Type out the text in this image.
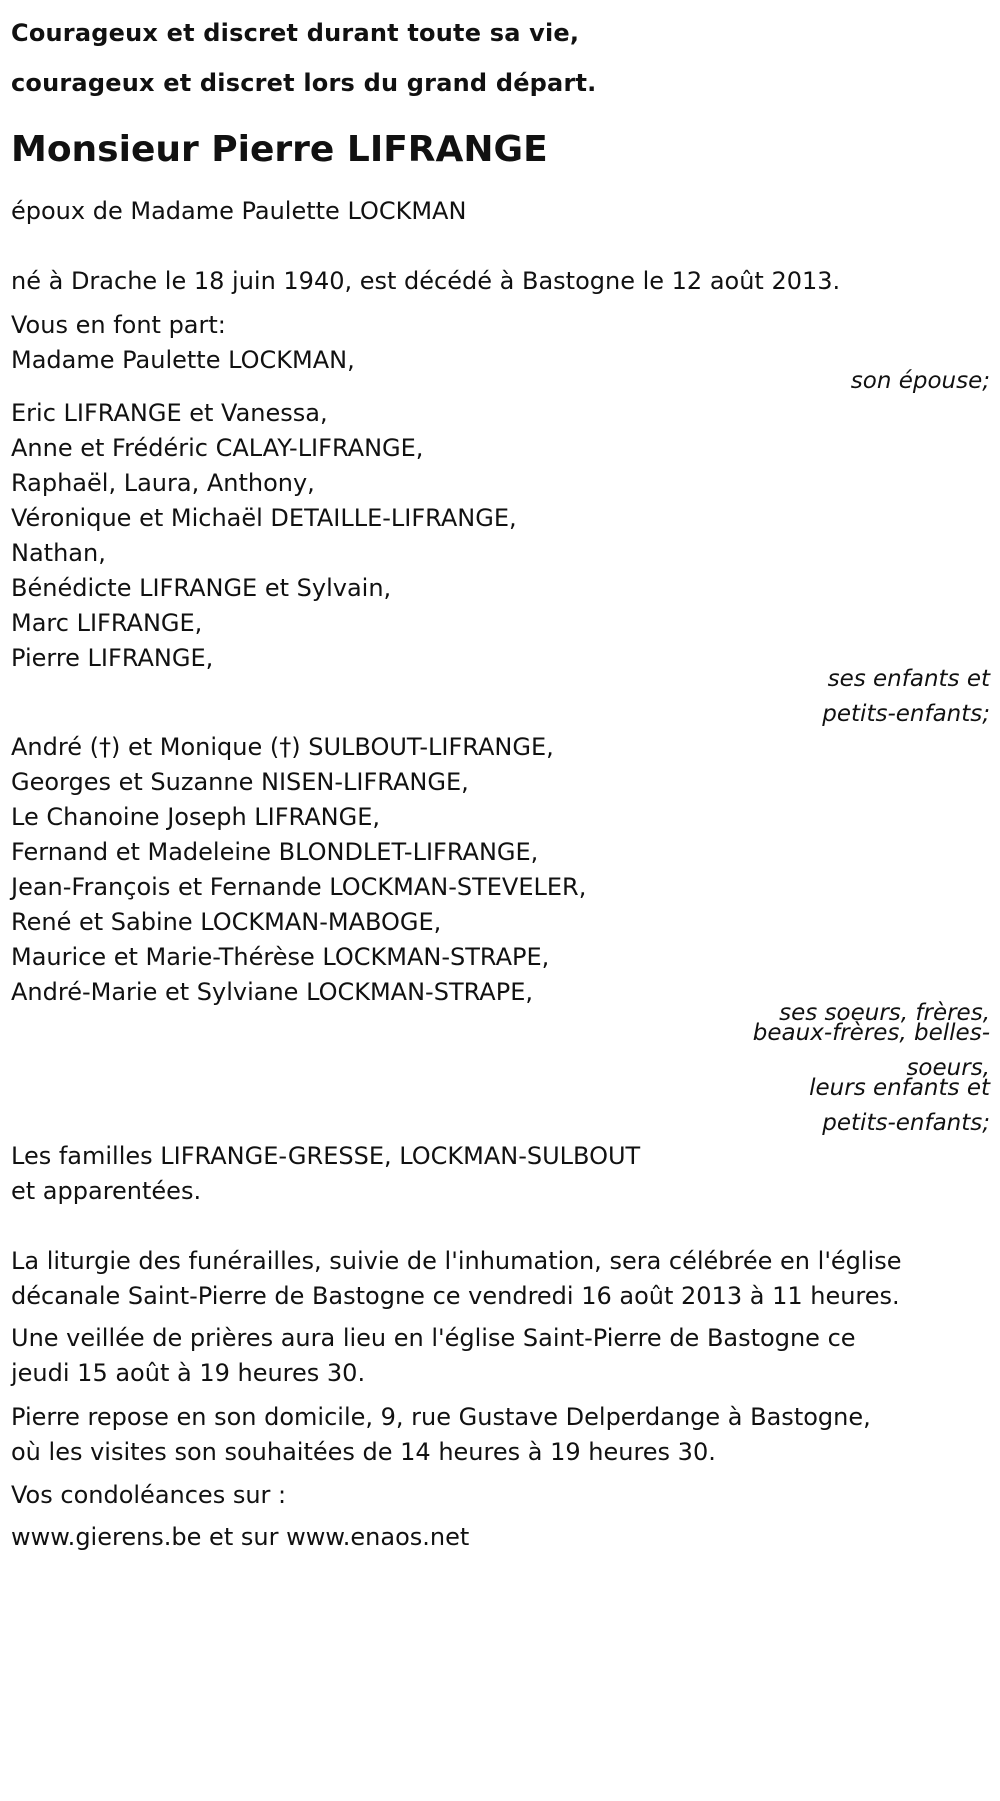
Courageux et discret durant toute sa vie,
courageux et discret lors du grand départ.
Monsieur Pierre LIFRANGE
époux de Madame Paulette LOCKMAN
né à Drache le 18 juin 1940, est décédé à Bastogne le 12 août 2013.
Vous en font part:
Madame Paulette LOCKMAN,
son épouse;
Eric LIFRANGE et Vanessa,
Anne et Frédéric CALAY-LIFRANGE,
Raphaël, Laura, Anthony,
Véronique et Michaël DETAILLE-LIFRANGE,
Nathan,
Bénédicte LIFRANGE et Sylvain,
Marc LIFRANGE,
Pierre LIFRANGE,
ses enfants et
petits-enfants;
André (†) et Monique (†) SULBOUT-LIFRANGE,
Georges et Suzanne NISEN-LIFRANGE,
Le Chanoine Joseph LIFRANGE,
Fernand et Madeleine BLONDLET-LIFRANGE,
Jean-François et Fernande LOCKMAN-STEVELER,
René et Sabine LOCKMAN-MABOGE,
Maurice et Marie-Thérèse LOCKMAN-STRAPE,
André-Marie et Sylviane LOCKMAN-STRAPE,
ses soeurs, frères,
beaux-frères, belles-
soeurs,
leurs enfants et
petits-enfants;
Les familles LIFRANGE-GRESSE, LOCKMAN-SULBOUT
et apparentées.
La liturgie des funérailles, suivie de l'inhumation, sera célébrée en l'église
décanale Saint-Pierre de Bastogne ce vendredi 16 août 2013 à 11 heures.
Une veillée de prières aura lieu en l'église Saint-Pierre de Bastogne ce
jeudi 15 août à 19 heures 30.
Pierre repose en son domicile, 9, rue Gustave Delperdange à Bastogne,
où les visites son souhaitées de 14 heures à 19 heures 30.
Vos condoléances sur :
www.gierens.be et sur www.enaos.net
